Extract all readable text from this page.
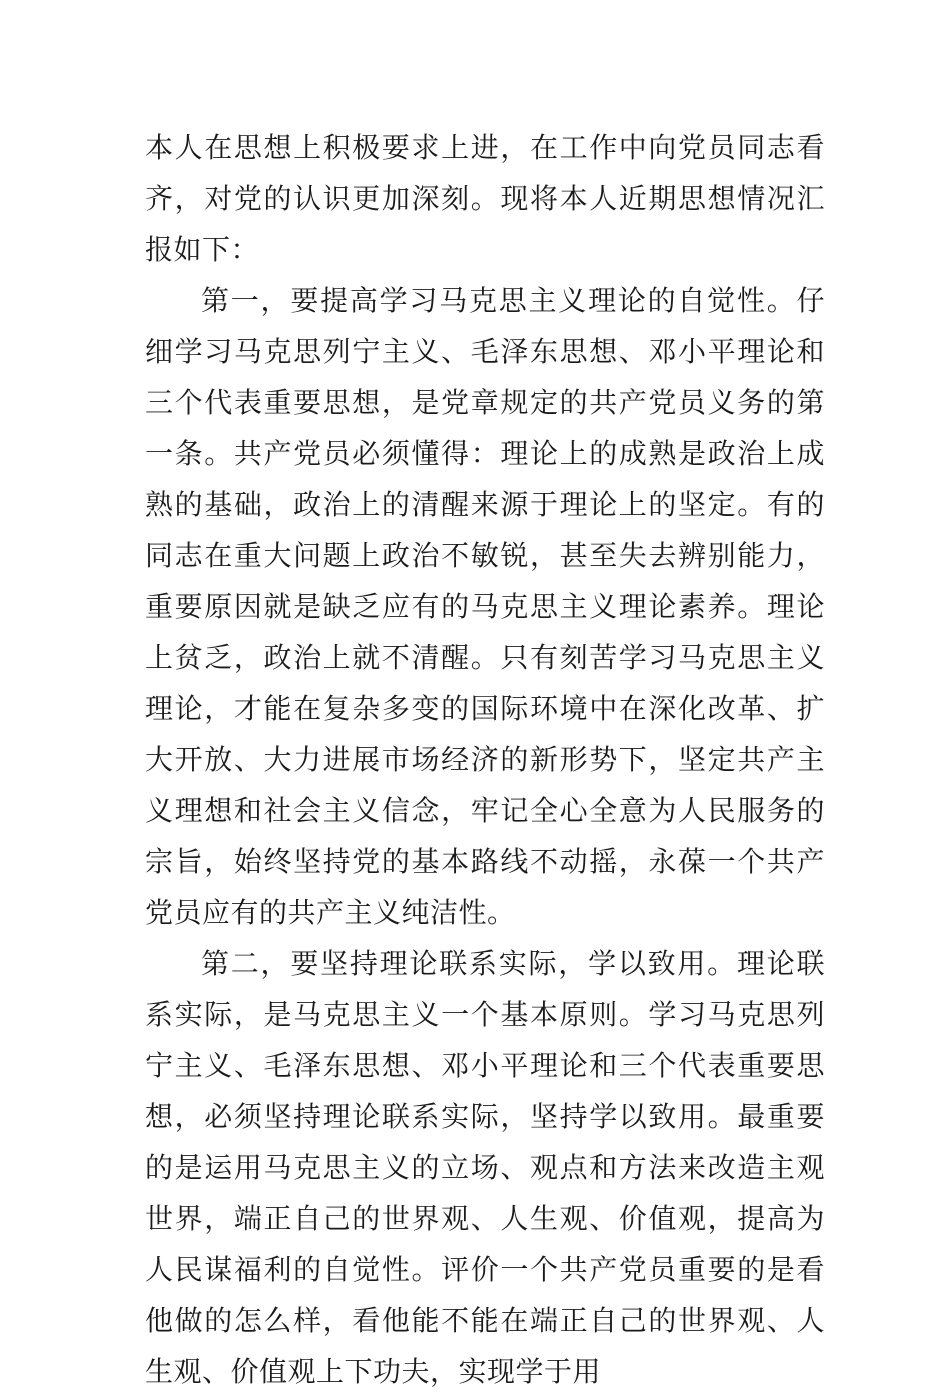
本人在思想上积极要求上进，在工作中向党员同志看齐，对党的认识更加深刻。现将本人近期思想情况汇报如下：

第一，要提高学习马克思主义理论的自觉性。仔细学习马克思列宁主义、毛泽东思想、邓小平理论和三个代表重要思想，是党章规定的共产党员义务的第一条。共产党员必须懂得：理论上的成熟是政治上成熟的基础，政治上的清醒来源于理论上的坚定。有的同志在重大问题上政治不敏锐，甚至失去辨别能力，重要原因就是缺乏应有的马克思主义理论素养。理论上贫乏，政治上就不清醒。只有刻苦学习马克思主义理论，才能在复杂多变的国际环境中在深化改革、扩大开放、大力进展市场经济的新形势下，坚定共产主义理想和社会主义信念，牢记全心全意为人民服务的宗旨，始终坚持党的基本路线不动摇，永葆一个共产党员应有的共产主义纯洁性。

第二，要坚持理论联系实际，学以致用。理论联系实际，是马克思主义一个基本原则。学习马克思列宁主义、毛泽东思想、邓小平理论和三个代表重要思想，必须坚持理论联系实际，坚持学以致用。最重要的是运用马克思主义的立场、观点和方法来改造主观世界，端正自己的世界观、人生观、价值观，提高为人民谋福利的自觉性。评价一个共产党员重要的是看他做的怎么样，看他能不能在端正自己的世界观、人生观、价值观上下功夫，实现学于用
